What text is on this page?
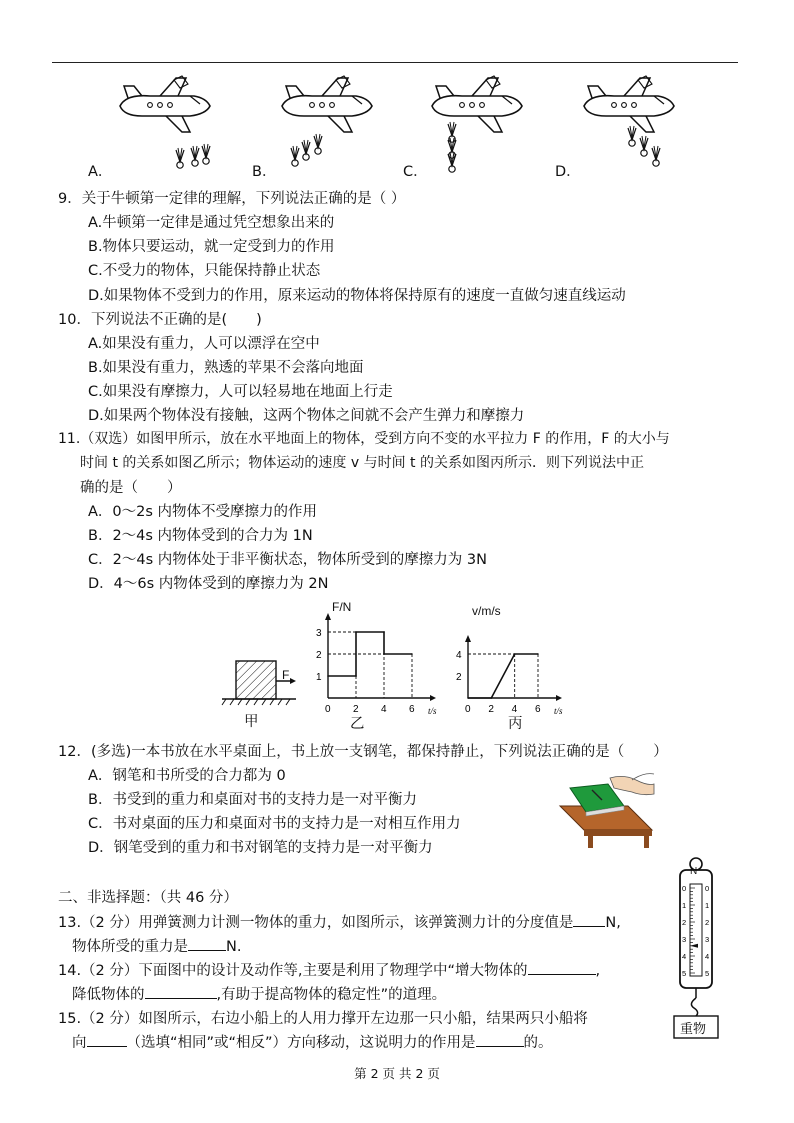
A．	B．	C．	D．
9．关于牛顿第一定律的理解，下列说法正确的是（ ）
A.牛顿第一定律是通过凭空想象出来的
B.物体只要运动，就一定受到力的作用
C.不受力的物体，只能保持静止状态
D.如果物体不受到力的作用，原来运动的物体将保持原有的速度一直做匀速直线运动
10．下列说法不正确的是(　　)
A.如果没有重力，人可以漂浮在空中
B.如果没有重力，熟透的苹果不会落向地面
C.如果没有摩擦力，人可以轻易地在地面上行走
D.如果两个物体没有接触，这两个物体之间就不会产生弹力和摩擦力
11.（双选）如图甲所示，放在水平地面上的物体，受到方向不变的水平拉力 F 的作用，F 的大小与
时间 t 的关系如图乙所示；物体运动的速度 v 与时间 t 的关系如图丙所示．则下列说法中正
确的是（　　）
A．0～2s 内物体不受摩擦力的作用
B．2～4s 内物体受到的合力为 1N
C．2～4s 内物体处于非平衡状态，物体所受到的摩擦力为 3N
D．4～6s 内物体受到的摩擦力为 2N
F
甲
0 2 4 6 t/s
3
2
1
F/N
乙
0 2 4 6 t/s
4
2
v/m/s
丙
12．(多选)一本书放在水平桌面上，书上放一支钢笔，都保持静止，下列说法正确的是（　　）
A．钢笔和书所受的合力都为 0
B．书受到的重力和桌面对书的支持力是一对平衡力
C．书对桌面的压力和桌面对书的支持力是一对相互作用力
D．钢笔受到的重力和书对钢笔的支持力是一对平衡力
二、非选择题：（共 46 分）
13.（2 分）用弹簧测力计测一物体的重力，如图所示，该弹簧测力计的分度值是 N,
物体所受的重力是	N.
14.（2 分）下面图中的设计及动作等,主要是利用了物理学中“增大物体的	,
降低物体的	,有助于提高物体的稳定性”的道理。
15.（2 分）如图所示，右边小船上的人用力撑开左边那一只小船，结果两只小船将
向	（选填“相同”或“相反”）方向移动，这说明力的作用是	的。
0
1
2
3
4
5
0
1
2
3
4
5
N
重物
第 2 页 共 2 页
